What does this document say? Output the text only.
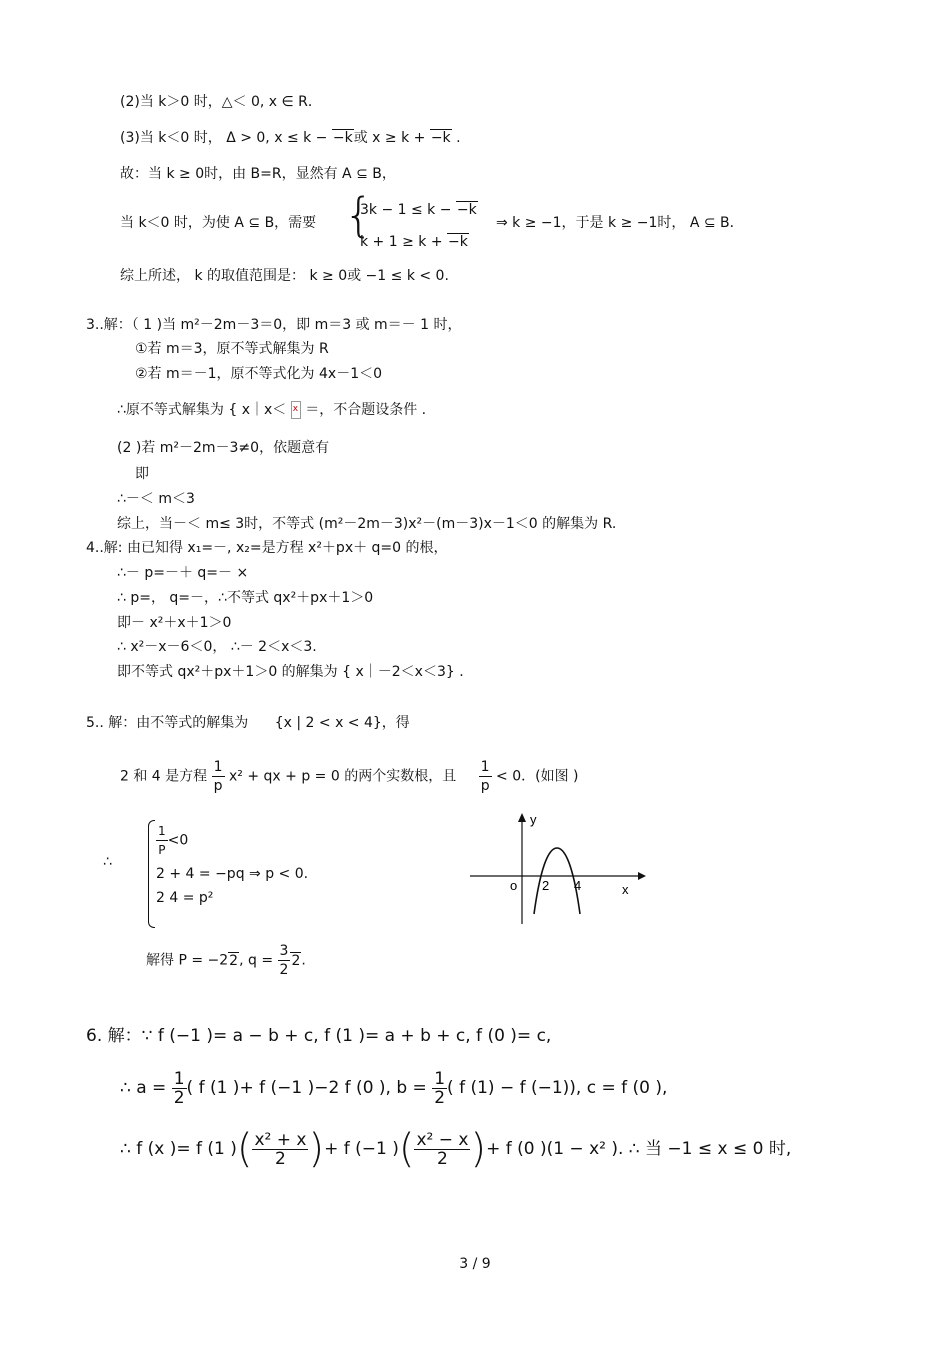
(2)当 k＞0 时，△＜ 0, x ∈ R．
(3)当 k＜0 时， Δ > 0, x ≤ k − −k或 x ≥ k + −k .
故：当 k ≥ 0时，由 B=R，显然有 A ⊆ B，
当 k＜0 时，为使 A ⊆ B，需要 {
3k − 1 ≤ k − −k
k + 1 ≥ k + −k
⇒ k ≥ −1，于是 k ≥ −1时， A ⊆ B．
综上所述， k 的取值范围是： k ≥ 0或 −1 ≤ k < 0.
3..解：（ 1 )当 m²－2m－3＝0，即 m＝3 或 m＝－ 1 时，
①若 m＝3，原不等式解集为 R
②若 m＝－1，原不等式化为 4x－1＜0
∴原不等式解集为 { x｜x＜ x ＝，不合题设条件 .
(2 )若 m²－2m－3≠0，依题意有
即
∴－＜ m＜3
综上，当－＜ m≤ 3时，不等式 (m²－2m－3)x²－(m－3)x－1＜0 的解集为 R.
4..解: 由已知得 x₁=－, x₂=是方程 x²＋px＋ q=0 的根，
∴－ p=－＋ q=－ ×
∴ p=， q=－，∴不等式 qx²＋px＋1＞0
即－ x²＋x＋1＞0
∴ x²－x－6＜0， ∴－ 2＜x＜3.
即不等式 qx²＋px＋1＞0 的解集为 { x｜－2＜x＜3} .
5.. 解：由不等式的解集为 {x | 2 < x < 4}，得
2 和 4 是方程 $\frac{1}{p} x^2$ + qx + p = 0 的两个实数根，且 $\frac{1}{p} < 0$．(如图 )
∴
$\frac{1}{P} <0$
2 + 4 = −pq ⇒ p < 0.
2 4 = p²
y
o 2 4	x
解得 P = −22, $q = \frac{3}{2} 2$.
6. 解：∵ f (−1 )= a − b + c, f (1 )= a + b + c, f (0 )= c,
∴ $a = \frac{1}{2}$ ( f (1 )+ f (−1 )−2 f (0 ), $b = \frac{1}{2}$ ( f (1) − f (−1)), c = f (0 ),
∴ f (x )= f (1 )( $\frac{\text{x² + x}}{2}$ )+ f (−1 )( $\frac{\text{x² − x}}{2}$ )+ f (0 )(1 − x² ). ∴ 当 −1 ≤ x ≤ 0 时,
3 / 9
